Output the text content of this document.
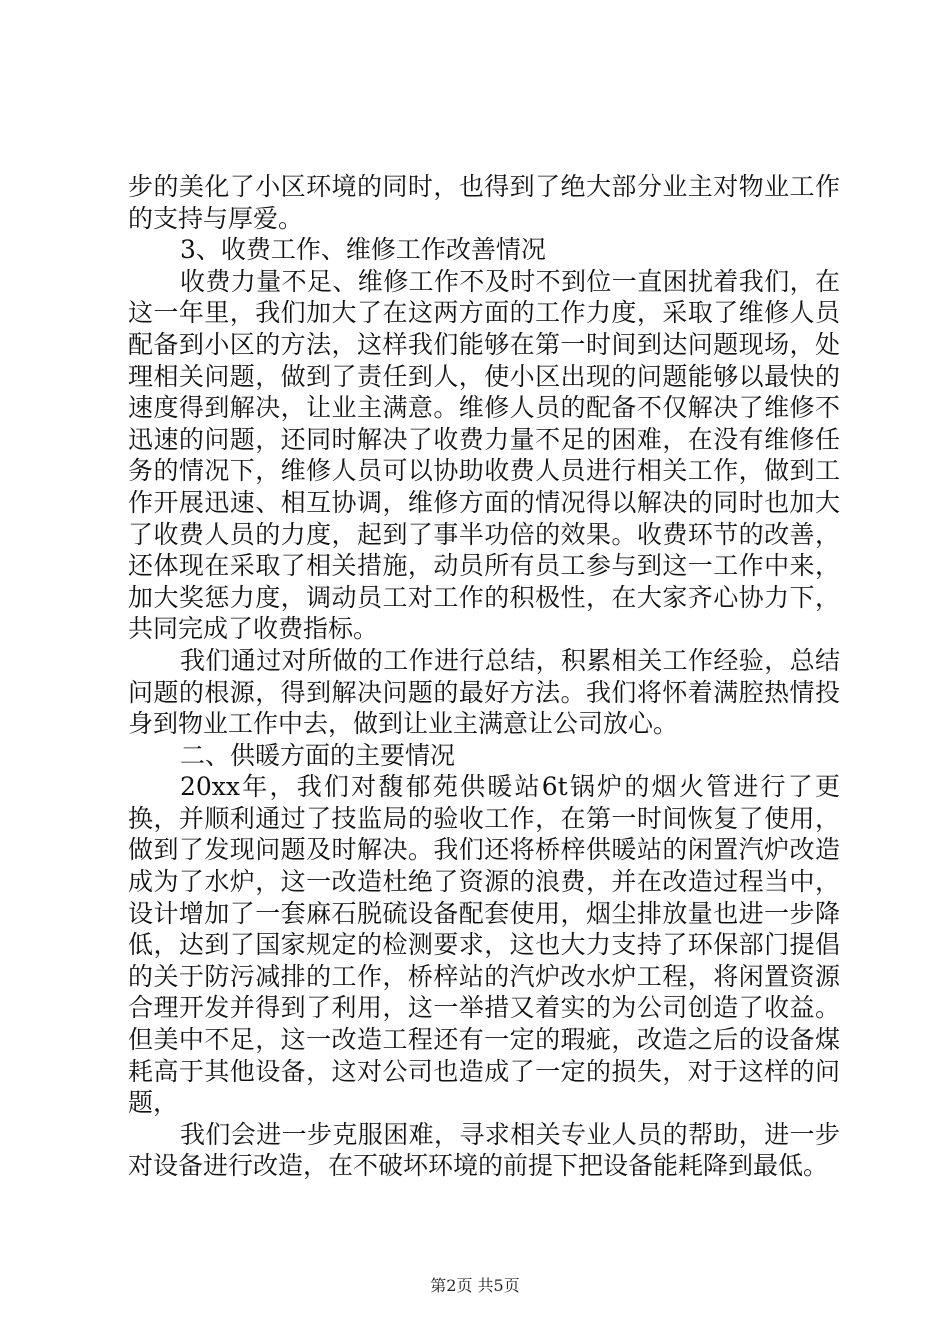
步的美化了小区环境的同时，也得到了绝大部分业主对物业工作的支持与厚爱。

3、收费工作、维修工作改善情况

收费力量不足、维修工作不及时不到位一直困扰着我们，在这一年里，我们加大了在这两方面的工作力度，采取了维修人员配备到小区的方法，这样我们能够在第一时间到达问题现场，处理相关问题，做到了责任到人，使小区出现的问题能够以最快的速度得到解决，让业主满意。维修人员的配备不仅解决了维修不迅速的问题，还同时解决了收费力量不足的困难，在没有维修任务的情况下，维修人员可以协助收费人员进行相关工作，做到工作开展迅速、相互协调，维修方面的情况得以解决的同时也加大了收费人员的力度，起到了事半功倍的效果。收费环节的改善，还体现在采取了相关措施，动员所有员工参与到这一工作中来，加大奖惩力度，调动员工对工作的积极性，在大家齐心协力下，共同完成了收费指标。

我们通过对所做的工作进行总结，积累相关工作经验，总结问题的根源，得到解决问题的最好方法。我们将怀着满腔热情投身到物业工作中去，做到让业主满意让公司放心。

二、供暖方面的主要情况

20xx年，我们对馥郁苑供暖站6t锅炉的烟火管进行了更换，并顺利通过了技监局的验收工作，在第一时间恢复了使用，做到了发现问题及时解决。我们还将桥梓供暖站的闲置汽炉改造成为了水炉，这一改造杜绝了资源的浪费，并在改造过程当中，设计增加了一套麻石脱硫设备配套使用，烟尘排放量也进一步降低，达到了国家规定的检测要求，这也大力支持了环保部门提倡的关于防污减排的工作，桥梓站的汽炉改水炉工程，将闲置资源合理开发并得到了利用，这一举措又着实的为公司创造了收益。但美中不足，这一改造工程还有一定的瑕疵，改造之后的设备煤耗高于其他设备，这对公司也造成了一定的损失，对于这样的问题，

我们会进一步克服困难，寻求相关专业人员的帮助，进一步对设备进行改造，在不破坏环境的前提下把设备能耗降到最低。

第2页 共5页
